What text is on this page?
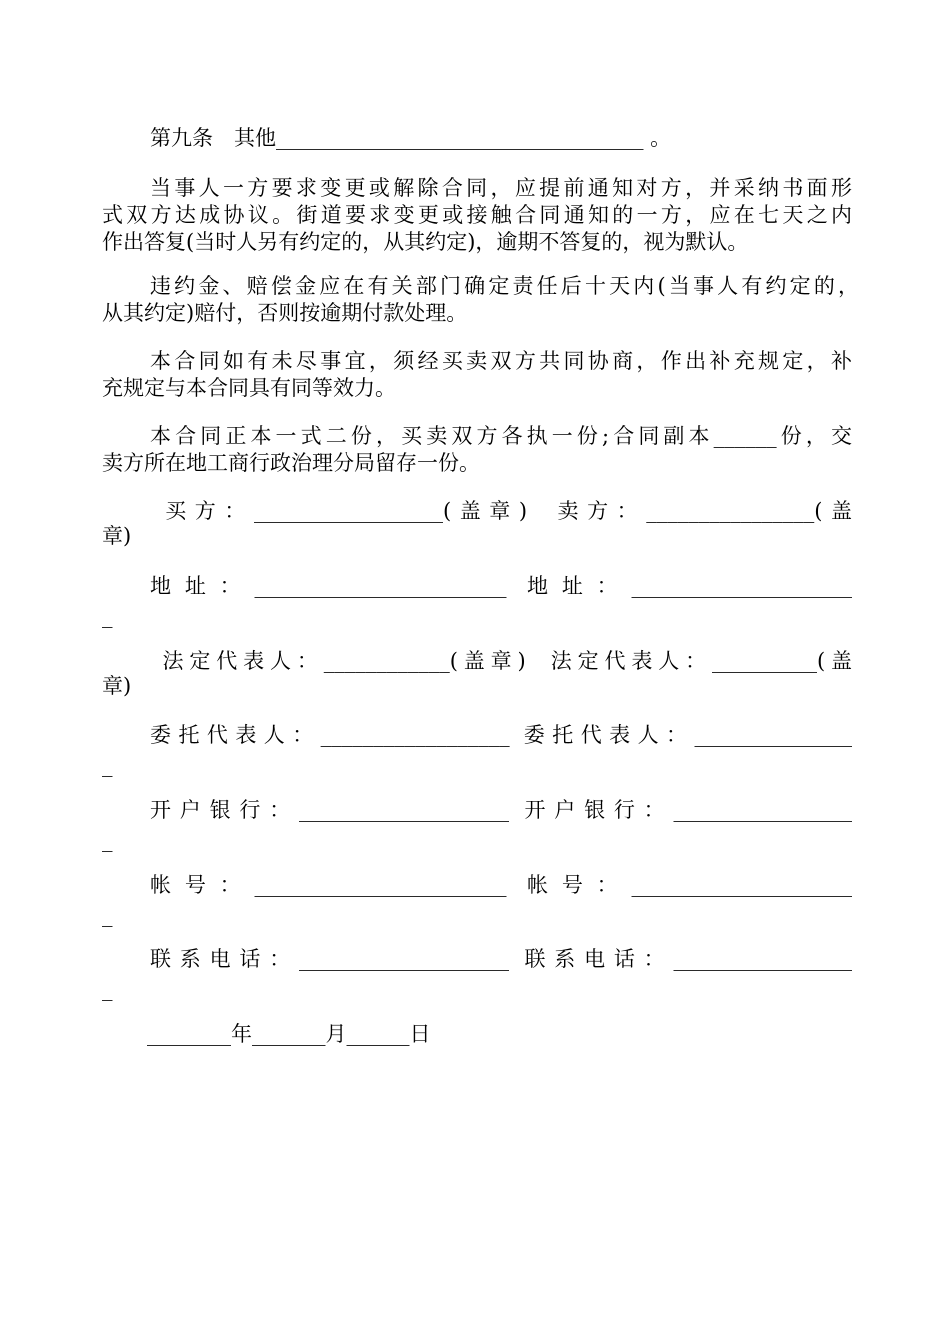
第九条　其他___________________________________ 。
当事人一方要求变更或解除合同，应提前通知对方，并采纳书面形
式双方达成协议。街道要求变更或接触合同通知的一方，应在七天之内
作出答复(当时人另有约定的，从其约定)，逾期不答复的，视为默认。
违约金、赔偿金应在有关部门确定责任后十天内(当事人有约定的，
从其约定)赔付，否则按逾期付款处理。
本合同如有未尽事宜，须经买卖双方共同协商，作出补充规定，补
充规定与本合同具有同等效力。
本合同正本一式二份，买卖双方各执一份;合同副本______份，交
卖方所在地工商行政治理分局留存一份。
买方：__________________(盖章)  卖方：________________(盖
章)
地址：________________________ 地址：_____________________
_
法定代表人：____________(盖章)  法定代表人：__________(盖
章)
委托代表人：__________________ 委托代表人：_______________
_
开户银行：____________________ 开户银行：_________________
_
帐号：________________________ 帐号：_____________________
_
联系电话：____________________ 联系电话：_________________
_
________年_______月______日
